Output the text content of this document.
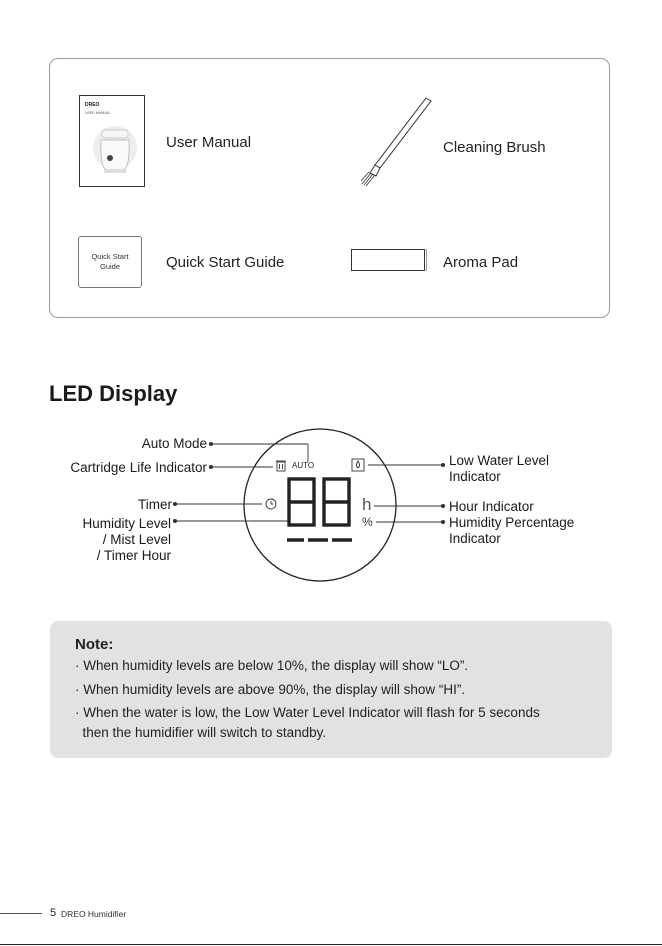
DREO
USER MANUAL
User Manual	Cleaning Brush
Quick Start
Guide	Quick Start Guide	Aroma Pad
LED Display
AUTO
h
%
Auto Mode
Cartridge Life Indicator
Timer
Humidity Level
/ Mist Level
/ Timer Hour
Low Water Level
Indicator
Hour Indicator
Humidity Percentage
Indicator
Note:
· When humidity levels are below 10%, the display will show “LO”.
· When humidity levels are above 90%, the display will show “HI”.
· When the water is low, the Low Water Level Indicator will flash for 5 seconds
then the humidifier will switch to standby.
5 DREO Humidifier
